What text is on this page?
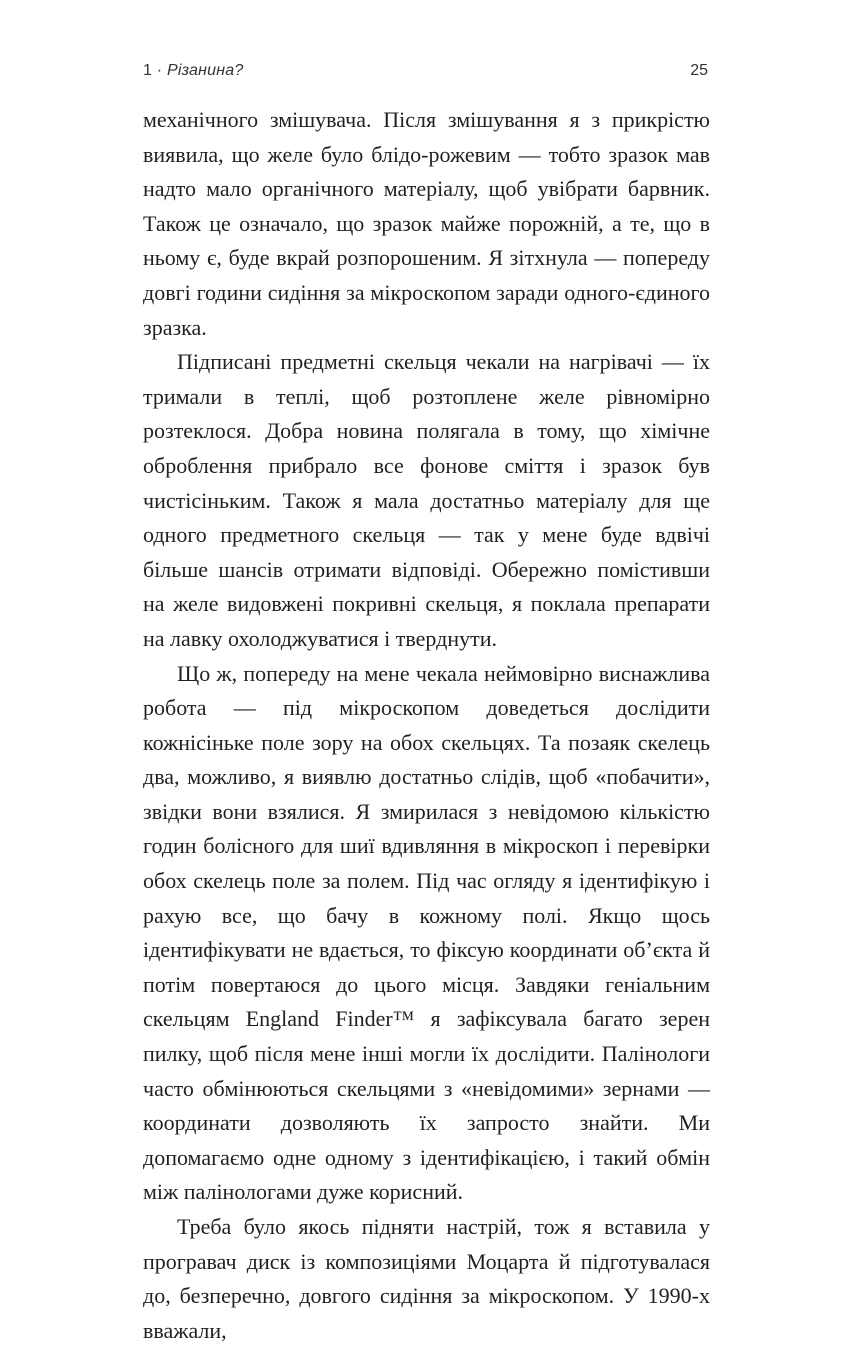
1 · Різанина?	25

механічного змішувача. Після змішування я з прикрістю виявила, що желе було блідо-рожевим — тобто зразок мав надто мало органічного матеріалу, щоб увібрати барвник. Також це означало, що зразок майже порожній, а те, що в ньому є, буде вкрай розпорошеним. Я зітхнула — попереду довгі години сидіння за мікроскопом заради одного-єдиного зразка.

Підписані предметні скельця чекали на нагрівачі — їх тримали в теплі, щоб розтоплене желе рівномірно розтеклося. Добра новина полягала в тому, що хімічне оброблення прибрало все фонове сміття і зразок був чистісіньким. Також я мала достатньо матеріалу для ще одного предметного скельця — так у мене буде вдвічі більше шансів отримати відповіді. Обережно помістивши на желе видовжені покривні скельця, я поклала препарати на лавку охолоджуватися і тверднути.

Що ж, попереду на мене чекала неймовірно виснажлива робота — під мікроскопом доведеться дослідити кожнісіньке поле зору на обох скельцях. Та позаяк скелець два, можливо, я виявлю достатньо слідів, щоб «побачити», звідки вони взялися. Я змирилася з невідомою кількістю годин болісного для шиї вдивляння в мікроскоп і перевірки обох скелець поле за полем. Під час огляду я ідентифікую і рахую все, що бачу в кожному полі. Якщо щось ідентифікувати не вдається, то фіксую координати об’єкта й потім повертаюся до цього місця. Завдяки геніальним скельцям England Finder™ я зафіксувала багато зерен пилку, щоб після мене інші могли їх дослідити. Палінологи часто обмінюються скельцями з «невідомими» зернами — координати дозволяють їх запросто знайти. Ми допомагаємо одне одному з ідентифікацією, і такий обмін між палінологами дуже корисний.

Треба було якось підняти настрій, тож я вставила у програвач диск із композиціями Моцарта й підготувалася до, безперечно, довгого сидіння за мікроскопом. У 1990-х вважали,
